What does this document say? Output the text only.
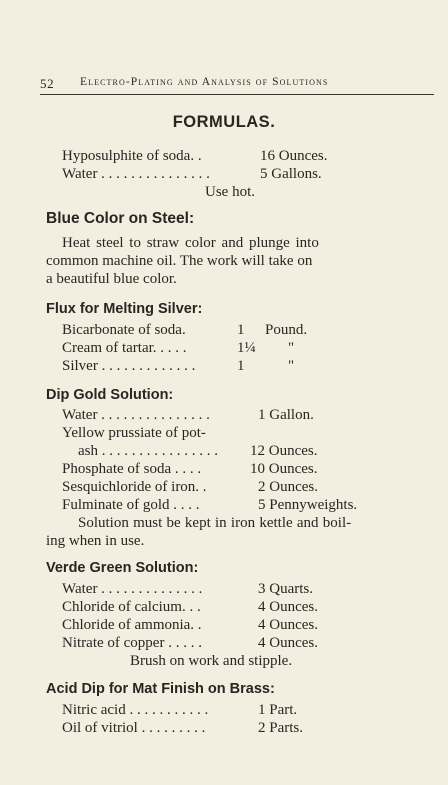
52	Electro-Plating and Analysis of Solutions
FORMULAS.
Hyposulphite of soda. .	16 Ounces.
Water . . . . . . . . . . . . . . .	5 Gallons.
Use hot.
Blue Color on Steel:
Heat steel to straw color and plunge into
common machine oil. The work will take on
a beautiful blue color.
Flux for Melting Silver:
Bicarbonate of soda.	1 Pound.
Cream of tartar. . . . .	1¼ "
Silver . . . . . . . . . . . . .	1	"
Dip Gold Solution:
Water . . . . . . . . . . . . . . .	1 Gallon.
Yellow prussiate of pot-
ash . . . . . . . . . . . . . . . . 12 Ounces.
Phosphate of soda . . . .	10 Ounces.
Sesquichloride of iron. .	2 Ounces.
Fulminate of gold . . . .	5 Pennyweights.
Solution must be kept in iron kettle and boil-
ing when in use.
Verde Green Solution:
Water . . . . . . . . . . . . . .	3 Quarts.
Chloride of calcium. . .	4 Ounces.
Chloride of ammonia. .	4 Ounces.
Nitrate of copper . . . . .	4 Ounces.
Brush on work and stipple.
Acid Dip for Mat Finish on Brass:
Nitric acid . . . . . . . . . . .	1 Part.
Oil of vitriol . . . . . . . . .	2 Parts.
